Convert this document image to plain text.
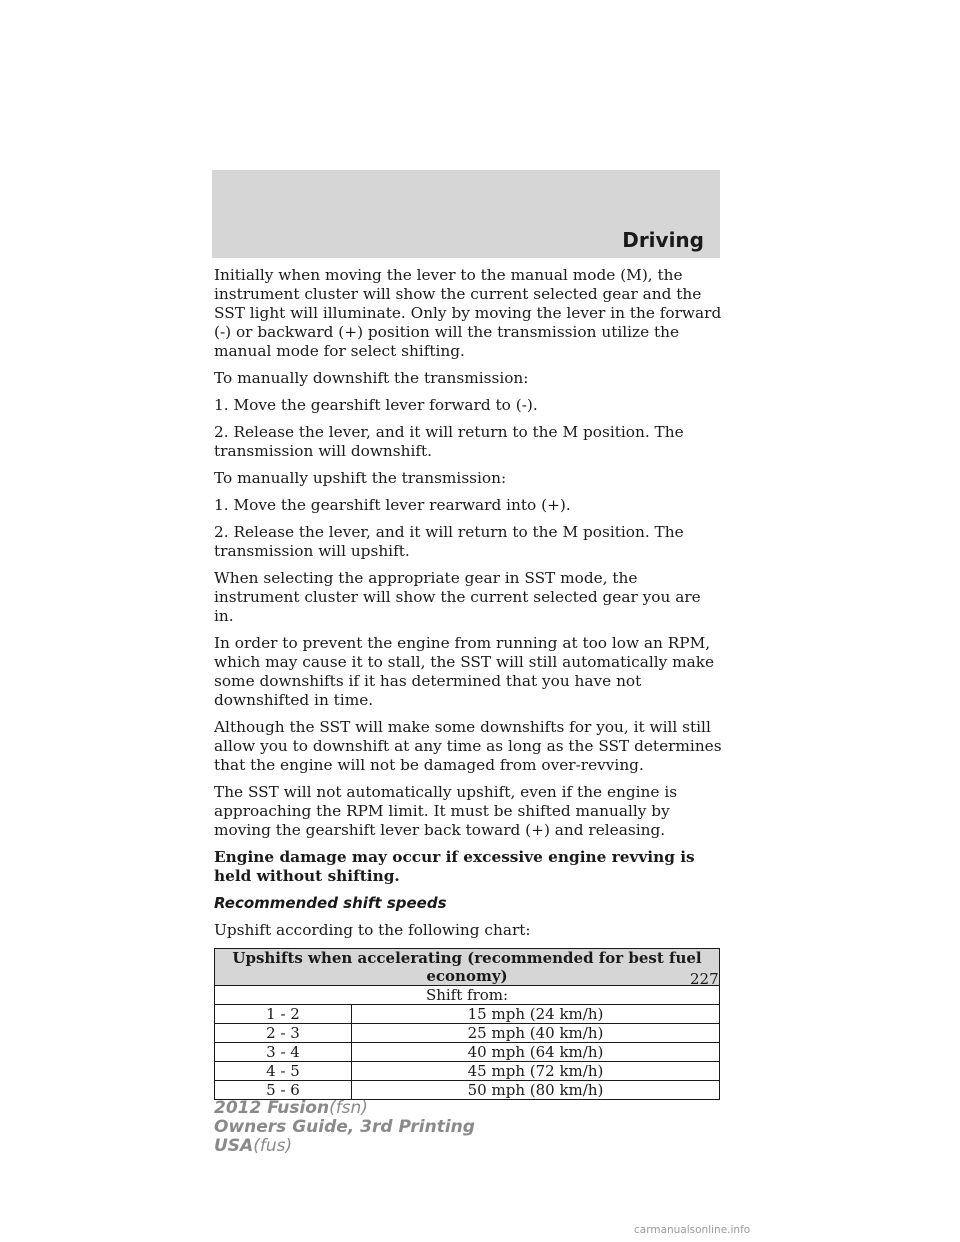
Driving

Initially when moving the lever to the manual mode (M), the instrument cluster will show the current selected gear and the SST light will illuminate. Only by moving the lever in the forward (-) or backward (+) position will the transmission utilize the manual mode for select shifting.

To manually downshift the transmission:

1. Move the gearshift lever forward to (-).

2. Release the lever, and it will return to the M position. The transmission will downshift.

To manually upshift the transmission:

1. Move the gearshift lever rearward into (+).

2. Release the lever, and it will return to the M position. The transmission will upshift.

When selecting the appropriate gear in SST mode, the instrument cluster will show the current selected gear you are in.

In order to prevent the engine from running at too low an RPM, which may cause it to stall, the SST will still automatically make some downshifts if it has determined that you have not downshifted in time.

Although the SST will make some downshifts for you, it will still allow you to downshift at any time as long as the SST determines that the engine will not be damaged from over-revving.

The SST will not automatically upshift, even if the engine is approaching the RPM limit. It must be shifted manually by moving the gearshift lever back toward (+) and releasing.

Engine damage may occur if excessive engine revving is held without shifting.

Recommended shift speeds

Upshift according to the following chart:

Upshifts when accelerating (recommended for best fuel economy)	
Shift from:	
1 - 2	15 mph (24 km/h)
2 - 3	25 mph (40 km/h)
3 - 4	40 mph (64 km/h)
4 - 5	45 mph (72 km/h)
5 - 6	50 mph (80 km/h)
227
2012 Fusion(fsn)
Owners Guide, 3rd Printing
USA(fus)
carmanualsonline.info
